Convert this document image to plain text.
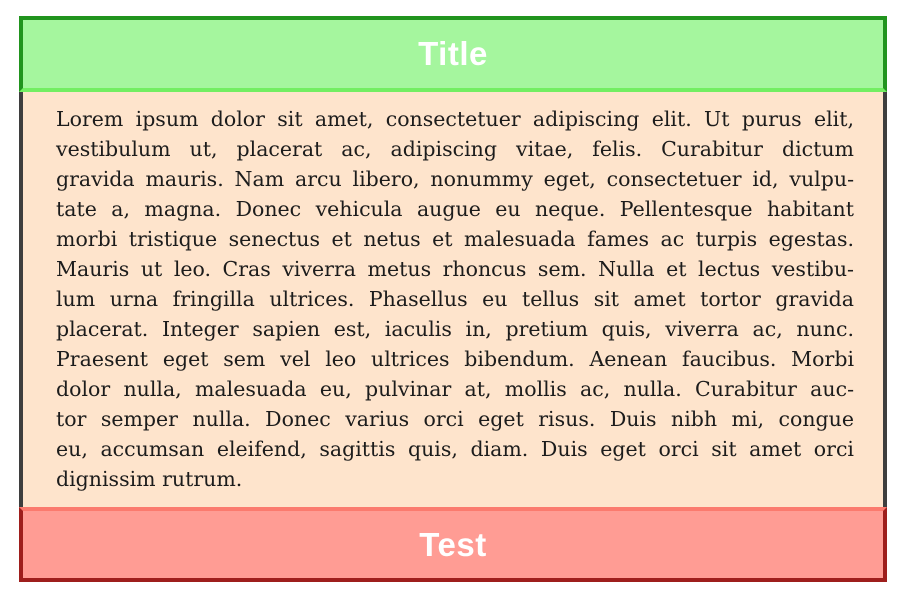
Title
Lorem ipsum dolor sit amet, consectetuer adipiscing elit. Ut purus elit,
vestibulum ut, placerat ac, adipiscing vitae, felis. Curabitur dictum
gravida mauris. Nam arcu libero, nonummy eget, consectetuer id, vulpu-
tate a, magna. Donec vehicula augue eu neque. Pellentesque habitant
morbi tristique senectus et netus et malesuada fames ac turpis egestas.
Mauris ut leo. Cras viverra metus rhoncus sem. Nulla et lectus vestibu-
lum urna fringilla ultrices. Phasellus eu tellus sit amet tortor gravida
placerat. Integer sapien est, iaculis in, pretium quis, viverra ac, nunc.
Praesent eget sem vel leo ultrices bibendum. Aenean faucibus. Morbi
dolor nulla, malesuada eu, pulvinar at, mollis ac, nulla. Curabitur auc-
tor semper nulla. Donec varius orci eget risus. Duis nibh mi, congue
eu, accumsan eleifend, sagittis quis, diam. Duis eget orci sit amet orci
dignissim rutrum.
Test
